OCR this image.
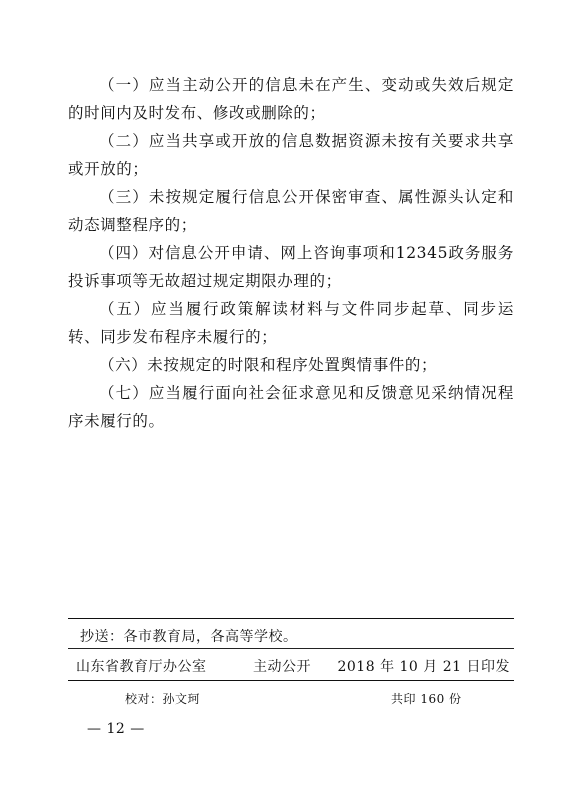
（一）应当主动公开的信息未在产生、变动或失效后规定的时间内及时发布、修改或删除的；

（二）应当共享或开放的信息数据资源未按有关要求共享或开放的；

（三）未按规定履行信息公开保密审查、属性源头认定和动态调整程序的；

（四）对信息公开申请、网上咨询事项和12345政务服务投诉事项等无故超过规定期限办理的；

（五）应当履行政策解读材料与文件同步起草、同步运转、同步发布程序未履行的；

（六）未按规定的时限和程序处置舆情事件的；

（七）应当履行面向社会征求意见和反馈意见采纳情况程序未履行的。

抄送：各市教育局，各高等学校。
山东省教育厅办公室	主动公开 2018 年 10 月 21 日印发
校对：孙文珂	共印 160 份
— 12 —
